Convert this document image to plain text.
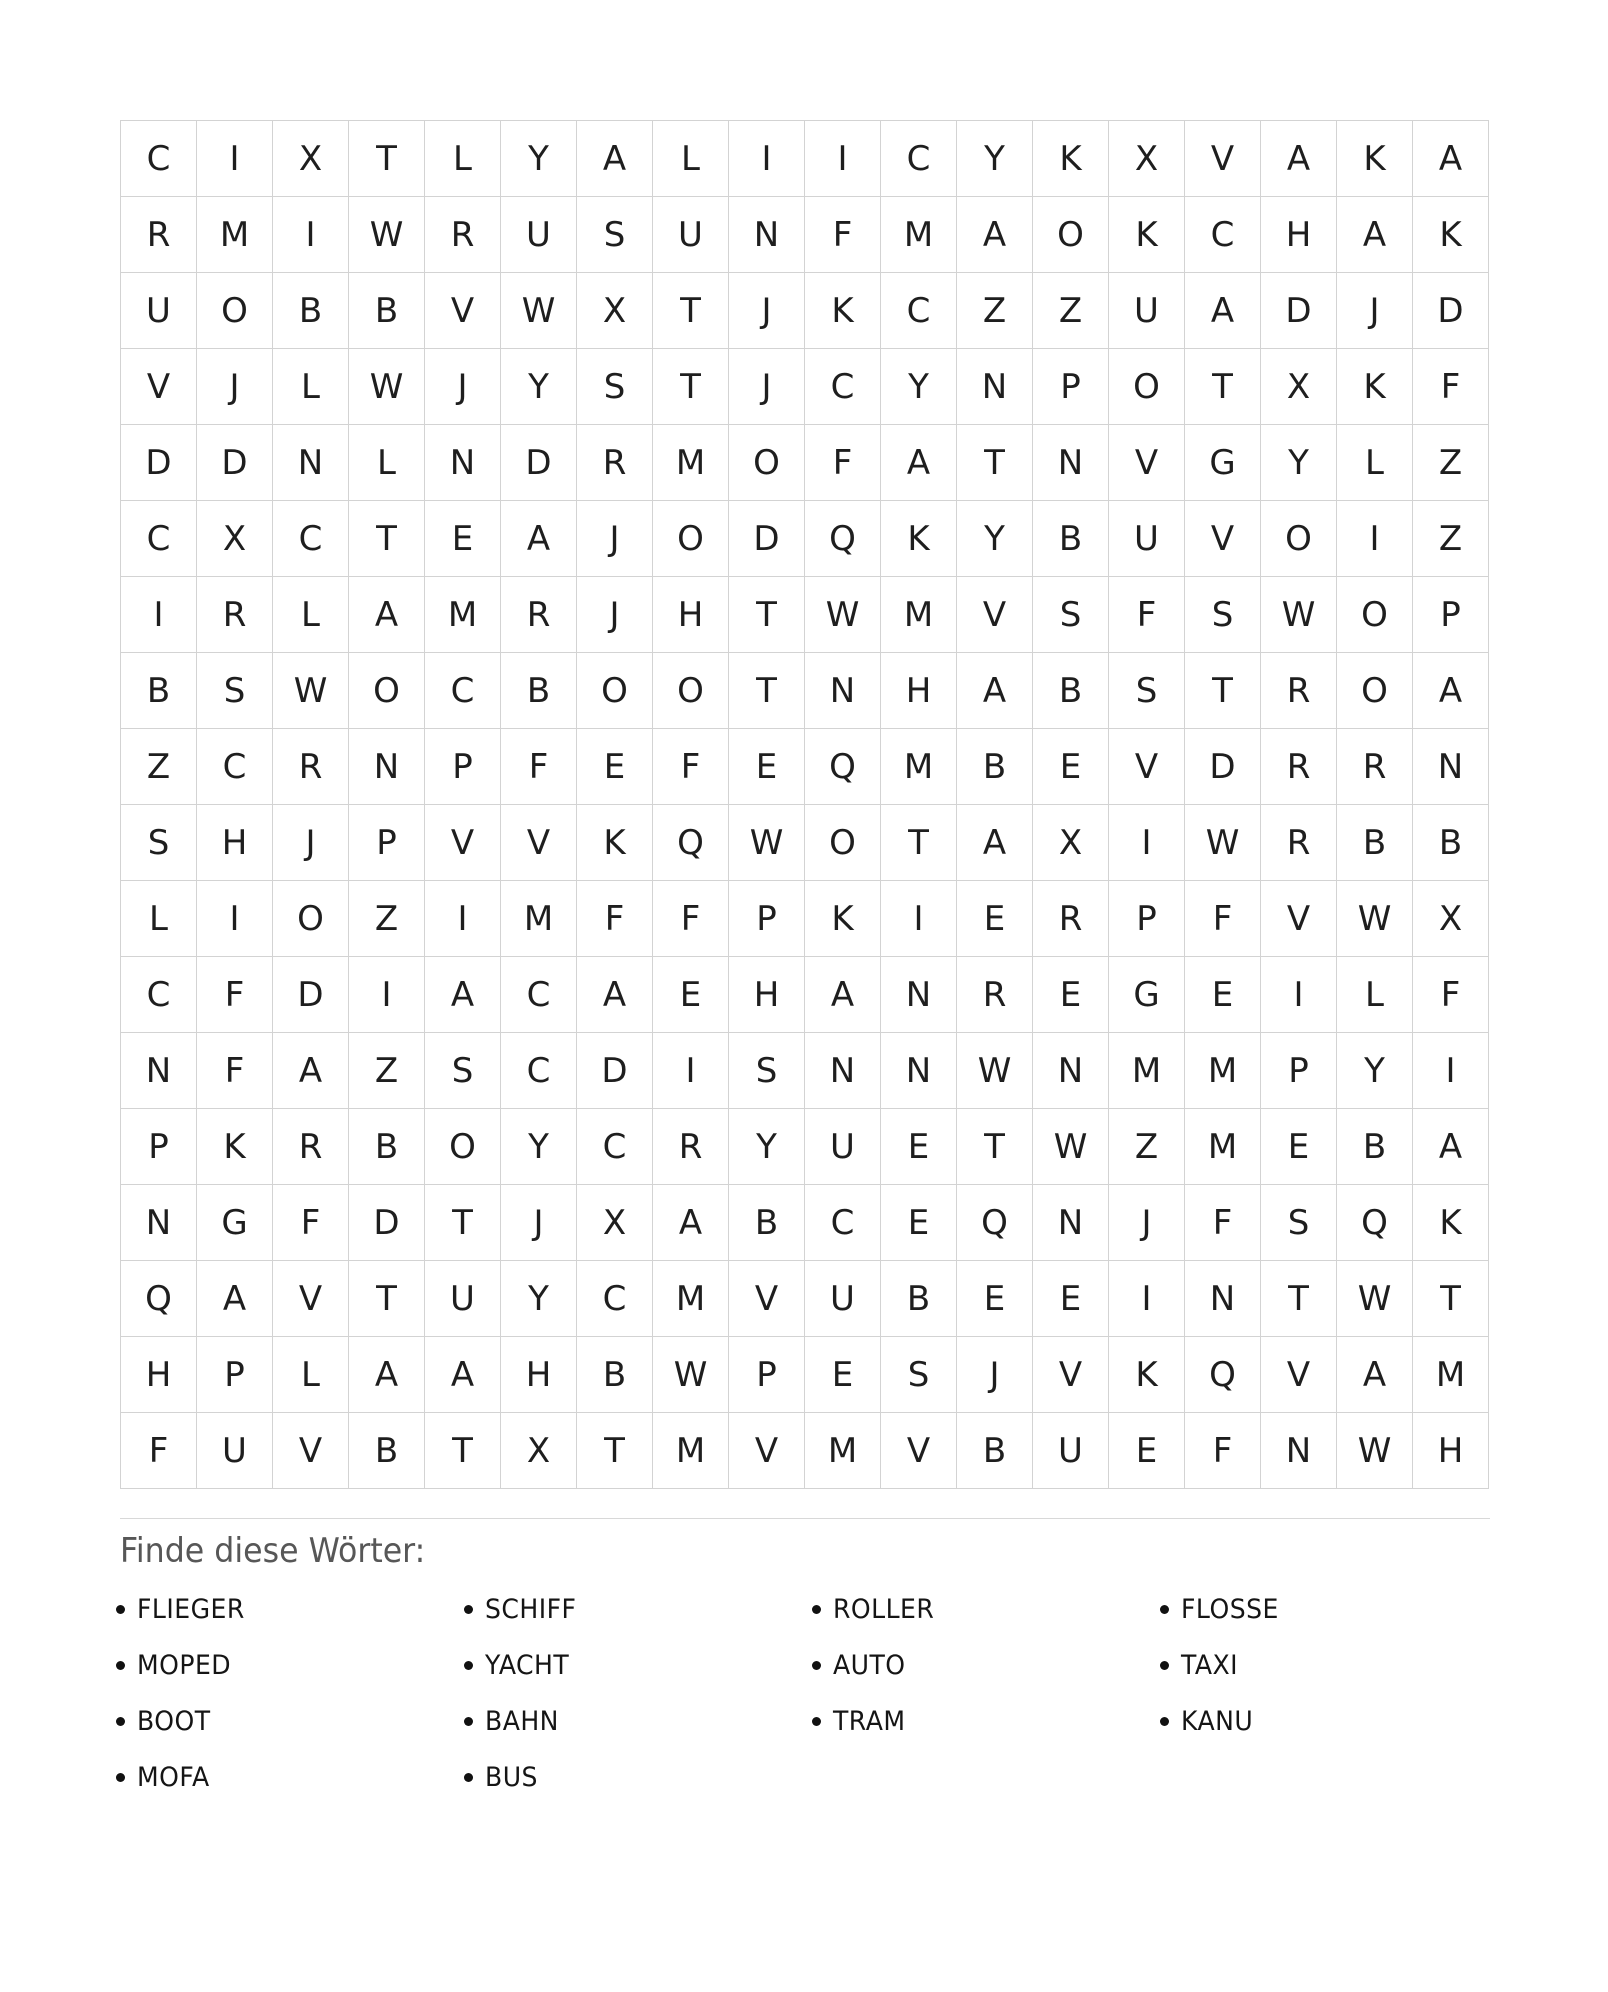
C	I	X	T	L	Y	A	L	I	I	C	Y	K	X	V	A	K	A
R	M	I	W	R	U	S	U	N	F	M	A	O	K	C	H	A	K
U	O	B	B	V	W	X	T	J	K	C	Z	Z	U	A	D	J	D
V	J	L	W	J	Y	S	T	J	C	Y	N	P	O	T	X	K	F
D	D	N	L	N	D	R	M	O	F	A	T	N	V	G	Y	L	Z
C	X	C	T	E	A	J	O	D	Q	K	Y	B	U	V	O	I	Z
I	R	L	A	M	R	J	H	T	W	M	V	S	F	S	W	O	P
B	S	W	O	C	B	O	O	T	N	H	A	B	S	T	R	O	A
Z	C	R	N	P	F	E	F	E	Q	M	B	E	V	D	R	R	N
S	H	J	P	V	V	K	Q	W	O	T	A	X	I	W	R	B	B
L	I	O	Z	I	M	F	F	P	K	I	E	R	P	F	V	W	X
C	F	D	I	A	C	A	E	H	A	N	R	E	G	E	I	L	F
N	F	A	Z	S	C	D	I	S	N	N	W	N	M	M	P	Y	I
P	K	R	B	O	Y	C	R	Y	U	E	T	W	Z	M	E	B	A
N	G	F	D	T	J	X	A	B	C	E	Q	N	J	F	S	Q	K
Q	A	V	T	U	Y	C	M	V	U	B	E	E	I	N	T	W	T
H	P	L	A	A	H	B	W	P	E	S	J	V	K	Q	V	A	M
F	U	V	B	T	X	T	M	V	M	V	B	U	E	F	N	W	H
Finde diese Wörter:
FLIEGER
MOPED
BOOT
MOFA
SCHIFF
YACHT
BAHN
BUS
ROLLER
AUTO
TRAM
FLOSSE
TAXI
KANU
